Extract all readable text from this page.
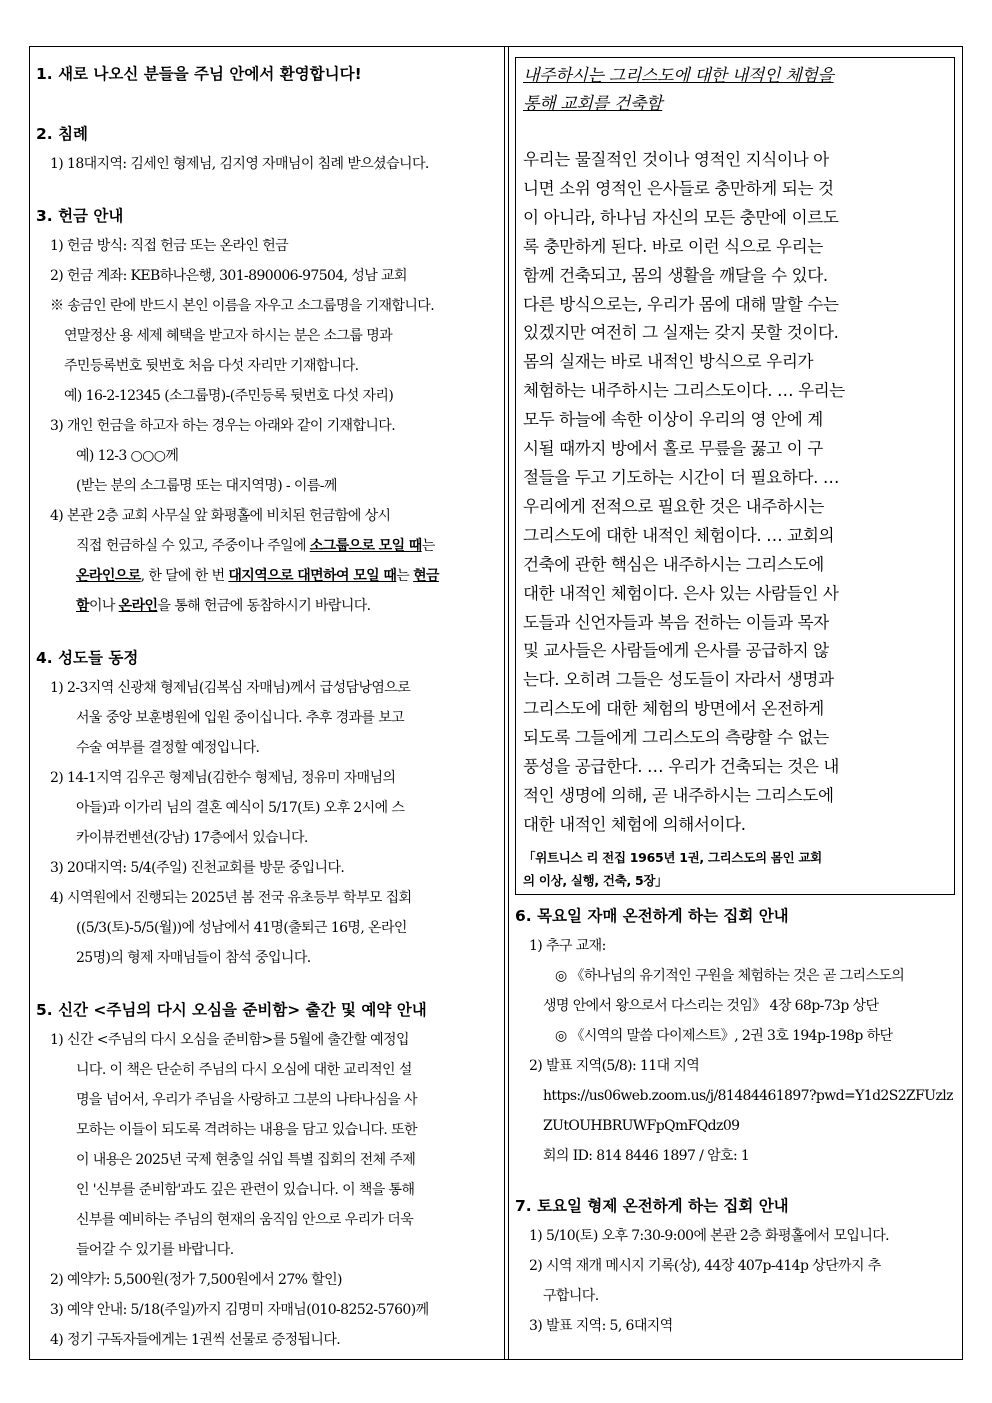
1. 새로 나오신 분들을 주님 안에서 환영합니다!

2. 침례

1) 18대지역: 김세인 형제님, 김지영 자매님이 침례 받으셨습니다.

3. 헌금 안내

1) 헌금 방식: 직접 헌금 또는 온라인 헌금

2) 헌금 계좌: KEB하나은행, 301-890006-97504, 성남 교회

※ 송금인 란에 반드시 본인 이름을 자우고 소그룹명을 기재합니다.

연말정산 용 세제 혜택을 받고자 하시는 분은 소그룹 명과

주민등록번호 뒷번호 처음 다섯 자리만 기재합니다.

예) 16-2-12345 (소그룹명)-(주민등록 뒷번호 다섯 자리)

3) 개인 헌금을 하고자 하는 경우는 아래와 같이 기재합니다.

예) 12-3 ○○○께

(받는 분의 소그룹명 또는 대지역명) - 이름-께

4) 본관 2층 교회 사무실 앞 화평홀에 비치된 헌금함에 상시

직접 헌금하실 수 있고, 주중이나 주일에 소그룹으로 모일 때는

온라인으로, 한 달에 한 번 대지역으로 대면하여 모일 때는 현금

함이나 온라인을 통해 헌금에 동참하시기 바랍니다.

4. 성도들 동정

1) 2-3지역 신광채 형제님(김복심 자매님)께서 급성담낭염으로

서울 중앙 보훈병원에 입원 중이십니다. 추후 경과를 보고

수술 여부를 결정할 예정입니다.

2) 14-1지역 김우곤 형제님(김한수 형제님, 정유미 자매님의

아들)과 이가리 님의 결혼 예식이 5/17(토) 오후 2시에 스

카이뷰컨벤션(강남) 17층에서 있습니다.

3) 20대지역: 5/4(주일) 진천교회를 방문 중입니다.

4) 시역원에서 진행되는 2025년 봄 전국 유초등부 학부모 집회

((5/3(토)-5/5(월))에 성남에서 41명(출퇴근 16명, 온라인

25명)의 형제 자매님들이 참석 중입니다.

5. 신간 <주님의 다시 오심을 준비함> 출간 및 예약 안내

1) 신간 <주님의 다시 오심을 준비함>를 5월에 출간할 예정입

니다. 이 책은 단순히 주님의 다시 오심에 대한 교리적인 설

명을 넘어서, 우리가 주님을 사랑하고 그분의 나타나심을 사

모하는 이들이 되도록 격려하는 내용을 담고 있습니다. 또한

이 내용은 2025년 국제 현충일 쉬입 특별 집회의 전체 주제

인 '신부를 준비함'과도 깊은 관련이 있습니다. 이 책을 통해

신부를 예비하는 주님의 현재의 움직임 안으로 우리가 더욱

들어갈 수 있기를 바랍니다.

2) 예약가: 5,500원(정가 7,500원에서 27% 할인)

3) 예약 안내: 5/18(주일)까지 김명미 자매님(010-8252-5760)께

4) 정기 구독자들에게는 1권씩 선물로 증정됩니다.

내주하시는 그리스도에 대한 내적인 체험을

통해 교회를 건축함

우리는 물질적인 것이나 영적인 지식이나 아

니면 소위 영적인 은사들로 충만하게 되는 것

이 아니라, 하나님 자신의 모든 충만에 이르도

록 충만하게 된다. 바로 이런 식으로 우리는

함께 건축되고, 몸의 생활을 깨달을 수 있다.

다른 방식으로는, 우리가 몸에 대해 말할 수는

있겠지만 여전히 그 실재는 갖지 못할 것이다.

몸의 실재는 바로 내적인 방식으로 우리가

체험하는 내주하시는 그리스도이다. … 우리는

모두 하늘에 속한 이상이 우리의 영 안에 계

시될 때까지 방에서 홀로 무릎을 꿇고 이 구

절들을 두고 기도하는 시간이 더 필요하다. …

우리에게 전적으로 필요한 것은 내주하시는

그리스도에 대한 내적인 체험이다. … 교회의

건축에 관한 핵심은 내주하시는 그리스도에

대한 내적인 체험이다. 은사 있는 사람들인 사

도들과 신언자들과 복음 전하는 이들과 목자

및 교사들은 사람들에게 은사를 공급하지 않

는다. 오히려 그들은 성도들이 자라서 생명과

그리스도에 대한 체험의 방면에서 온전하게

되도록 그들에게 그리스도의 측량할 수 없는

풍성을 공급한다. … 우리가 건축되는 것은 내

적인 생명에 의해, 곧 내주하시는 그리스도에

대한 내적인 체험에 의해서이다.

「위트니스 리 전집 1965년 1권, 그리스도의 몸인 교회

의 이상, 실행, 건축, 5장」

6. 목요일 자매 온전하게 하는 집회 안내

1) 추구 교재:

◎ 《하나님의 유기적인 구원을 체험하는 것은 곧 그리스도의

생명 안에서 왕으로서 다스리는 것임》 4장 68p-73p 상단

◎ 《시역의 말씀 다이제스트》, 2권 3호 194p-198p 하단

2) 발표 지역(5/8): 11대 지역

https://us06web.zoom.us/j/81484461897?pwd=Y1d2S2ZFUzlz

ZUtOUHBRUWFpQmFQdz09

회의 ID: 814 8446 1897 / 암호: 1

7. 토요일 형제 온전하게 하는 집회 안내

1) 5/10(토) 오후 7:30-9:00에 본관 2층 화평홀에서 모입니다.

2) 시역 재개 메시지 기록(상), 44장 407p-414p 상단까지 추

구합니다.

3) 발표 지역: 5, 6대지역
